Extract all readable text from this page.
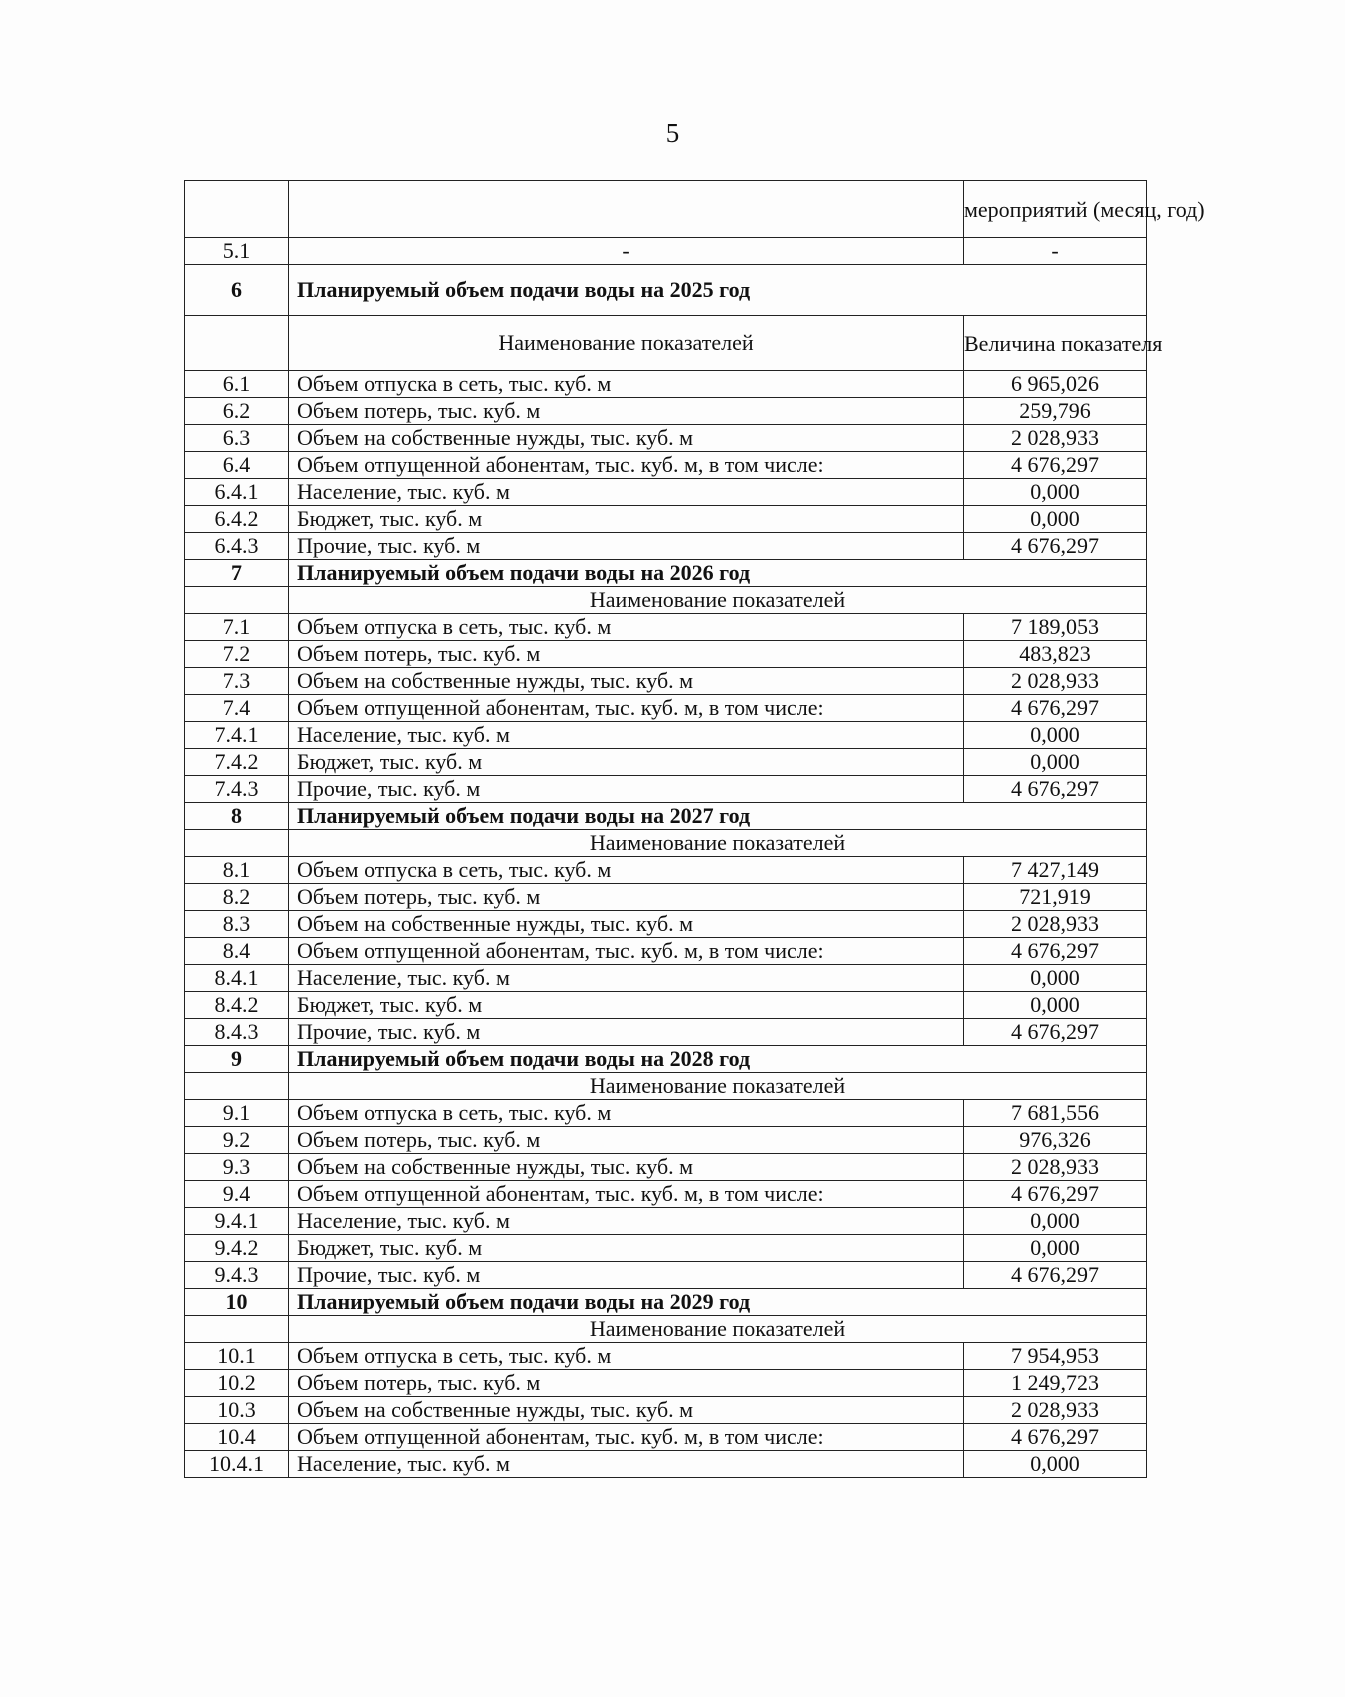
5
		мероприятий (месяц, год)
5.1	-	-
6	Планируемый объем подачи воды на 2025 год	
	Наименование показателей	Величина показателя
6.1	Объем отпуска в сеть, тыс. куб. м	6 965,026
6.2	Объем потерь, тыс. куб. м	259,796
6.3	Объем на собственные нужды, тыс. куб. м	2 028,933
6.4	Объем отпущенной абонентам, тыс. куб. м, в том числе:	4 676,297
6.4.1	Население, тыс. куб. м	0,000
6.4.2	Бюджет, тыс. куб. м	0,000
6.4.3	Прочие, тыс. куб. м	4 676,297
7	Планируемый объем подачи воды на 2026 год	
	Наименование показателей	
7.1	Объем отпуска в сеть, тыс. куб. м	7 189,053
7.2	Объем потерь, тыс. куб. м	483,823
7.3	Объем на собственные нужды, тыс. куб. м	2 028,933
7.4	Объем отпущенной абонентам, тыс. куб. м, в том числе:	4 676,297
7.4.1	Население, тыс. куб. м	0,000
7.4.2	Бюджет, тыс. куб. м	0,000
7.4.3	Прочие, тыс. куб. м	4 676,297
8	Планируемый объем подачи воды на 2027 год	
	Наименование показателей	
8.1	Объем отпуска в сеть, тыс. куб. м	7 427,149
8.2	Объем потерь, тыс. куб. м	721,919
8.3	Объем на собственные нужды, тыс. куб. м	2 028,933
8.4	Объем отпущенной абонентам, тыс. куб. м, в том числе:	4 676,297
8.4.1	Население, тыс. куб. м	0,000
8.4.2	Бюджет, тыс. куб. м	0,000
8.4.3	Прочие, тыс. куб. м	4 676,297
9	Планируемый объем подачи воды на 2028 год	
	Наименование показателей	
9.1	Объем отпуска в сеть, тыс. куб. м	7 681,556
9.2	Объем потерь, тыс. куб. м	976,326
9.3	Объем на собственные нужды, тыс. куб. м	2 028,933
9.4	Объем отпущенной абонентам, тыс. куб. м, в том числе:	4 676,297
9.4.1	Население, тыс. куб. м	0,000
9.4.2	Бюджет, тыс. куб. м	0,000
9.4.3	Прочие, тыс. куб. м	4 676,297
10	Планируемый объем подачи воды на 2029 год	
	Наименование показателей	
10.1	Объем отпуска в сеть, тыс. куб. м	7 954,953
10.2	Объем потерь, тыс. куб. м	1 249,723
10.3	Объем на собственные нужды, тыс. куб. м	2 028,933
10.4	Объем отпущенной абонентам, тыс. куб. м, в том числе:	4 676,297
10.4.1	Население, тыс. куб. м	0,000
